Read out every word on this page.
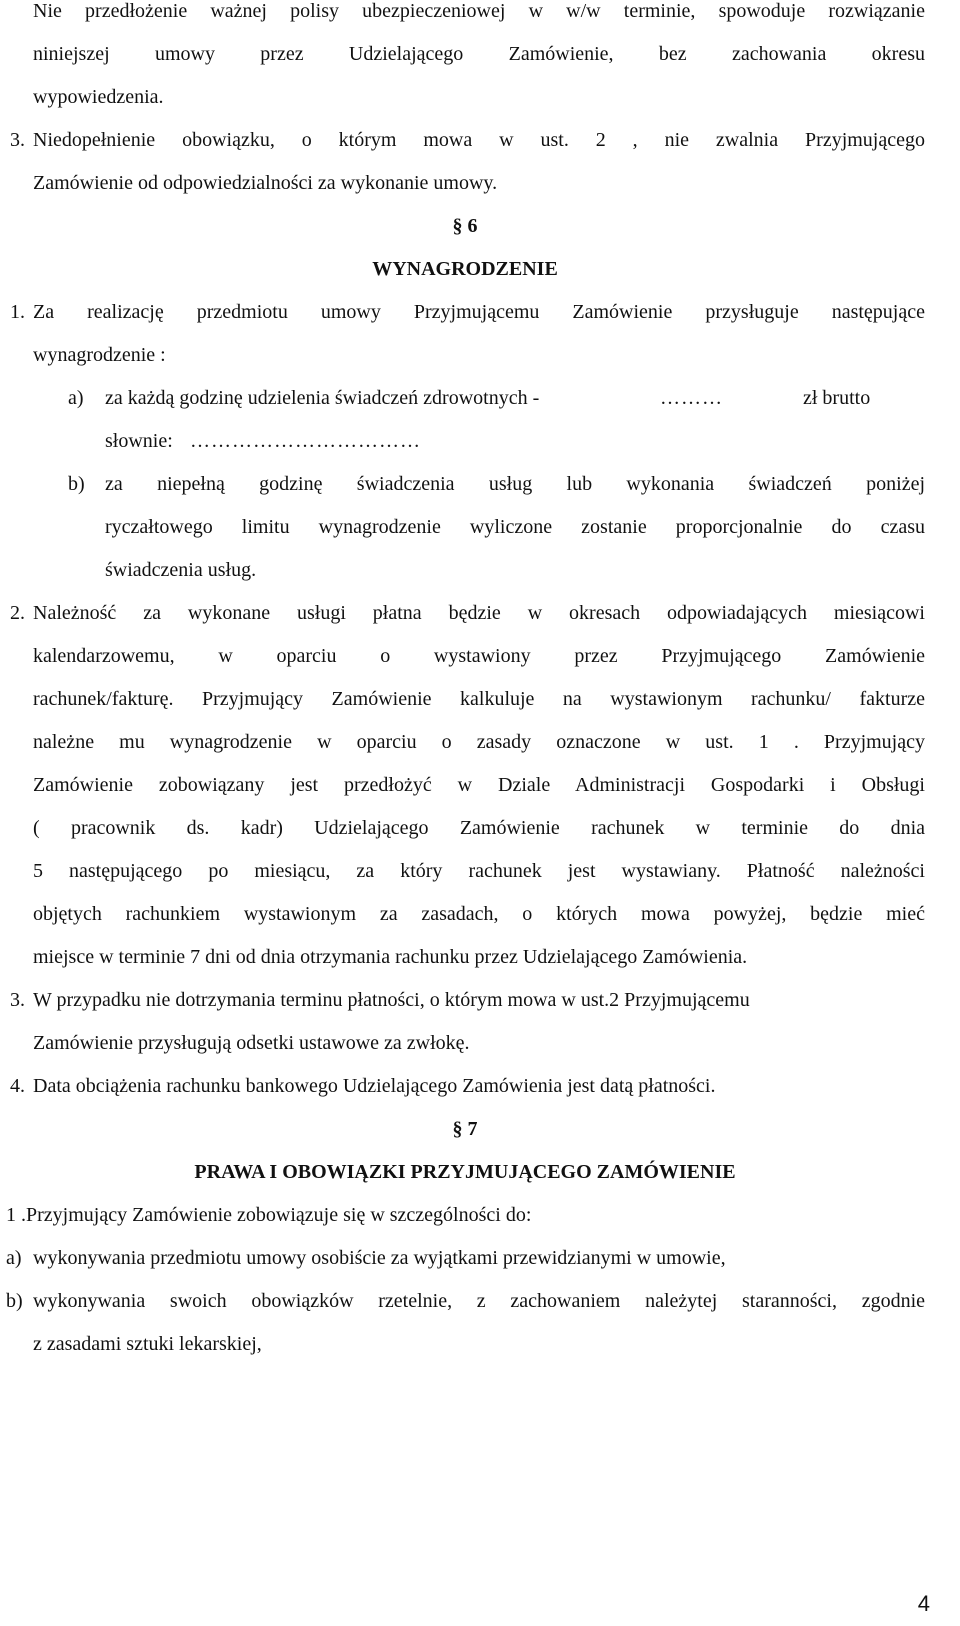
Nie przedłożenie ważnej polisy ubezpieczeniowej w w/w terminie, spowoduje rozwiązanie
niniejszej umowy przez Udzielającego Zamówienie, bez zachowania okresu
wypowiedzenia.
3. Niedopełnienie obowiązku, o którym mowa w ust. 2 , nie zwalnia Przyjmującego
Zamówienie od odpowiedzialności za wykonanie umowy.
§ 6
WYNAGRODZENIE
1. Za realizację przedmiotu umowy Przyjmującemu Zamówienie przysługuje następujące
wynagrodzenie :
a) za każdą godzinę udzielenia świadczeń zdrowotnych -	………	zł brutto
słownie: ……………………………
b) za niepełną godzinę świadczenia usług lub wykonania świadczeń poniżej
ryczałtowego limitu wynagrodzenie wyliczone zostanie proporcjonalnie do czasu
świadczenia usług.
2. Należność za wykonane usługi płatna będzie w okresach odpowiadających miesiącowi
kalendarzowemu, w oparciu o wystawiony przez Przyjmującego Zamówienie
rachunek/fakturę. Przyjmujący Zamówienie kalkuluje na wystawionym rachunku/ fakturze
należne mu wynagrodzenie w oparciu o zasady oznaczone w ust. 1 . Przyjmujący
Zamówienie zobowiązany jest przedłożyć w Dziale Administracji Gospodarki i Obsługi
( pracownik ds. kadr) Udzielającego Zamówienie rachunek w terminie do dnia
5 następującego po miesiącu, za który rachunek jest wystawiany. Płatność należności
objętych rachunkiem wystawionym za zasadach, o których mowa powyżej, będzie mieć
miejsce w terminie 7 dni od dnia otrzymania rachunku przez Udzielającego Zamówienia.
3. W przypadku nie dotrzymania terminu płatności, o którym mowa w ust.2 Przyjmującemu
Zamówienie przysługują odsetki ustawowe za zwłokę.
4. Data obciążenia rachunku bankowego Udzielającego Zamówienia jest datą płatności.
§ 7
PRAWA I OBOWIĄZKI PRZYJMUJĄCEGO ZAMÓWIENIE
1 .Przyjmujący Zamówienie zobowiązuje się w szczególności do:
a) wykonywania przedmiotu umowy osobiście za wyjątkami przewidzianymi w umowie,
b) wykonywania swoich obowiązków rzetelnie, z zachowaniem należytej staranności, zgodnie
z zasadami sztuki lekarskiej,
4
